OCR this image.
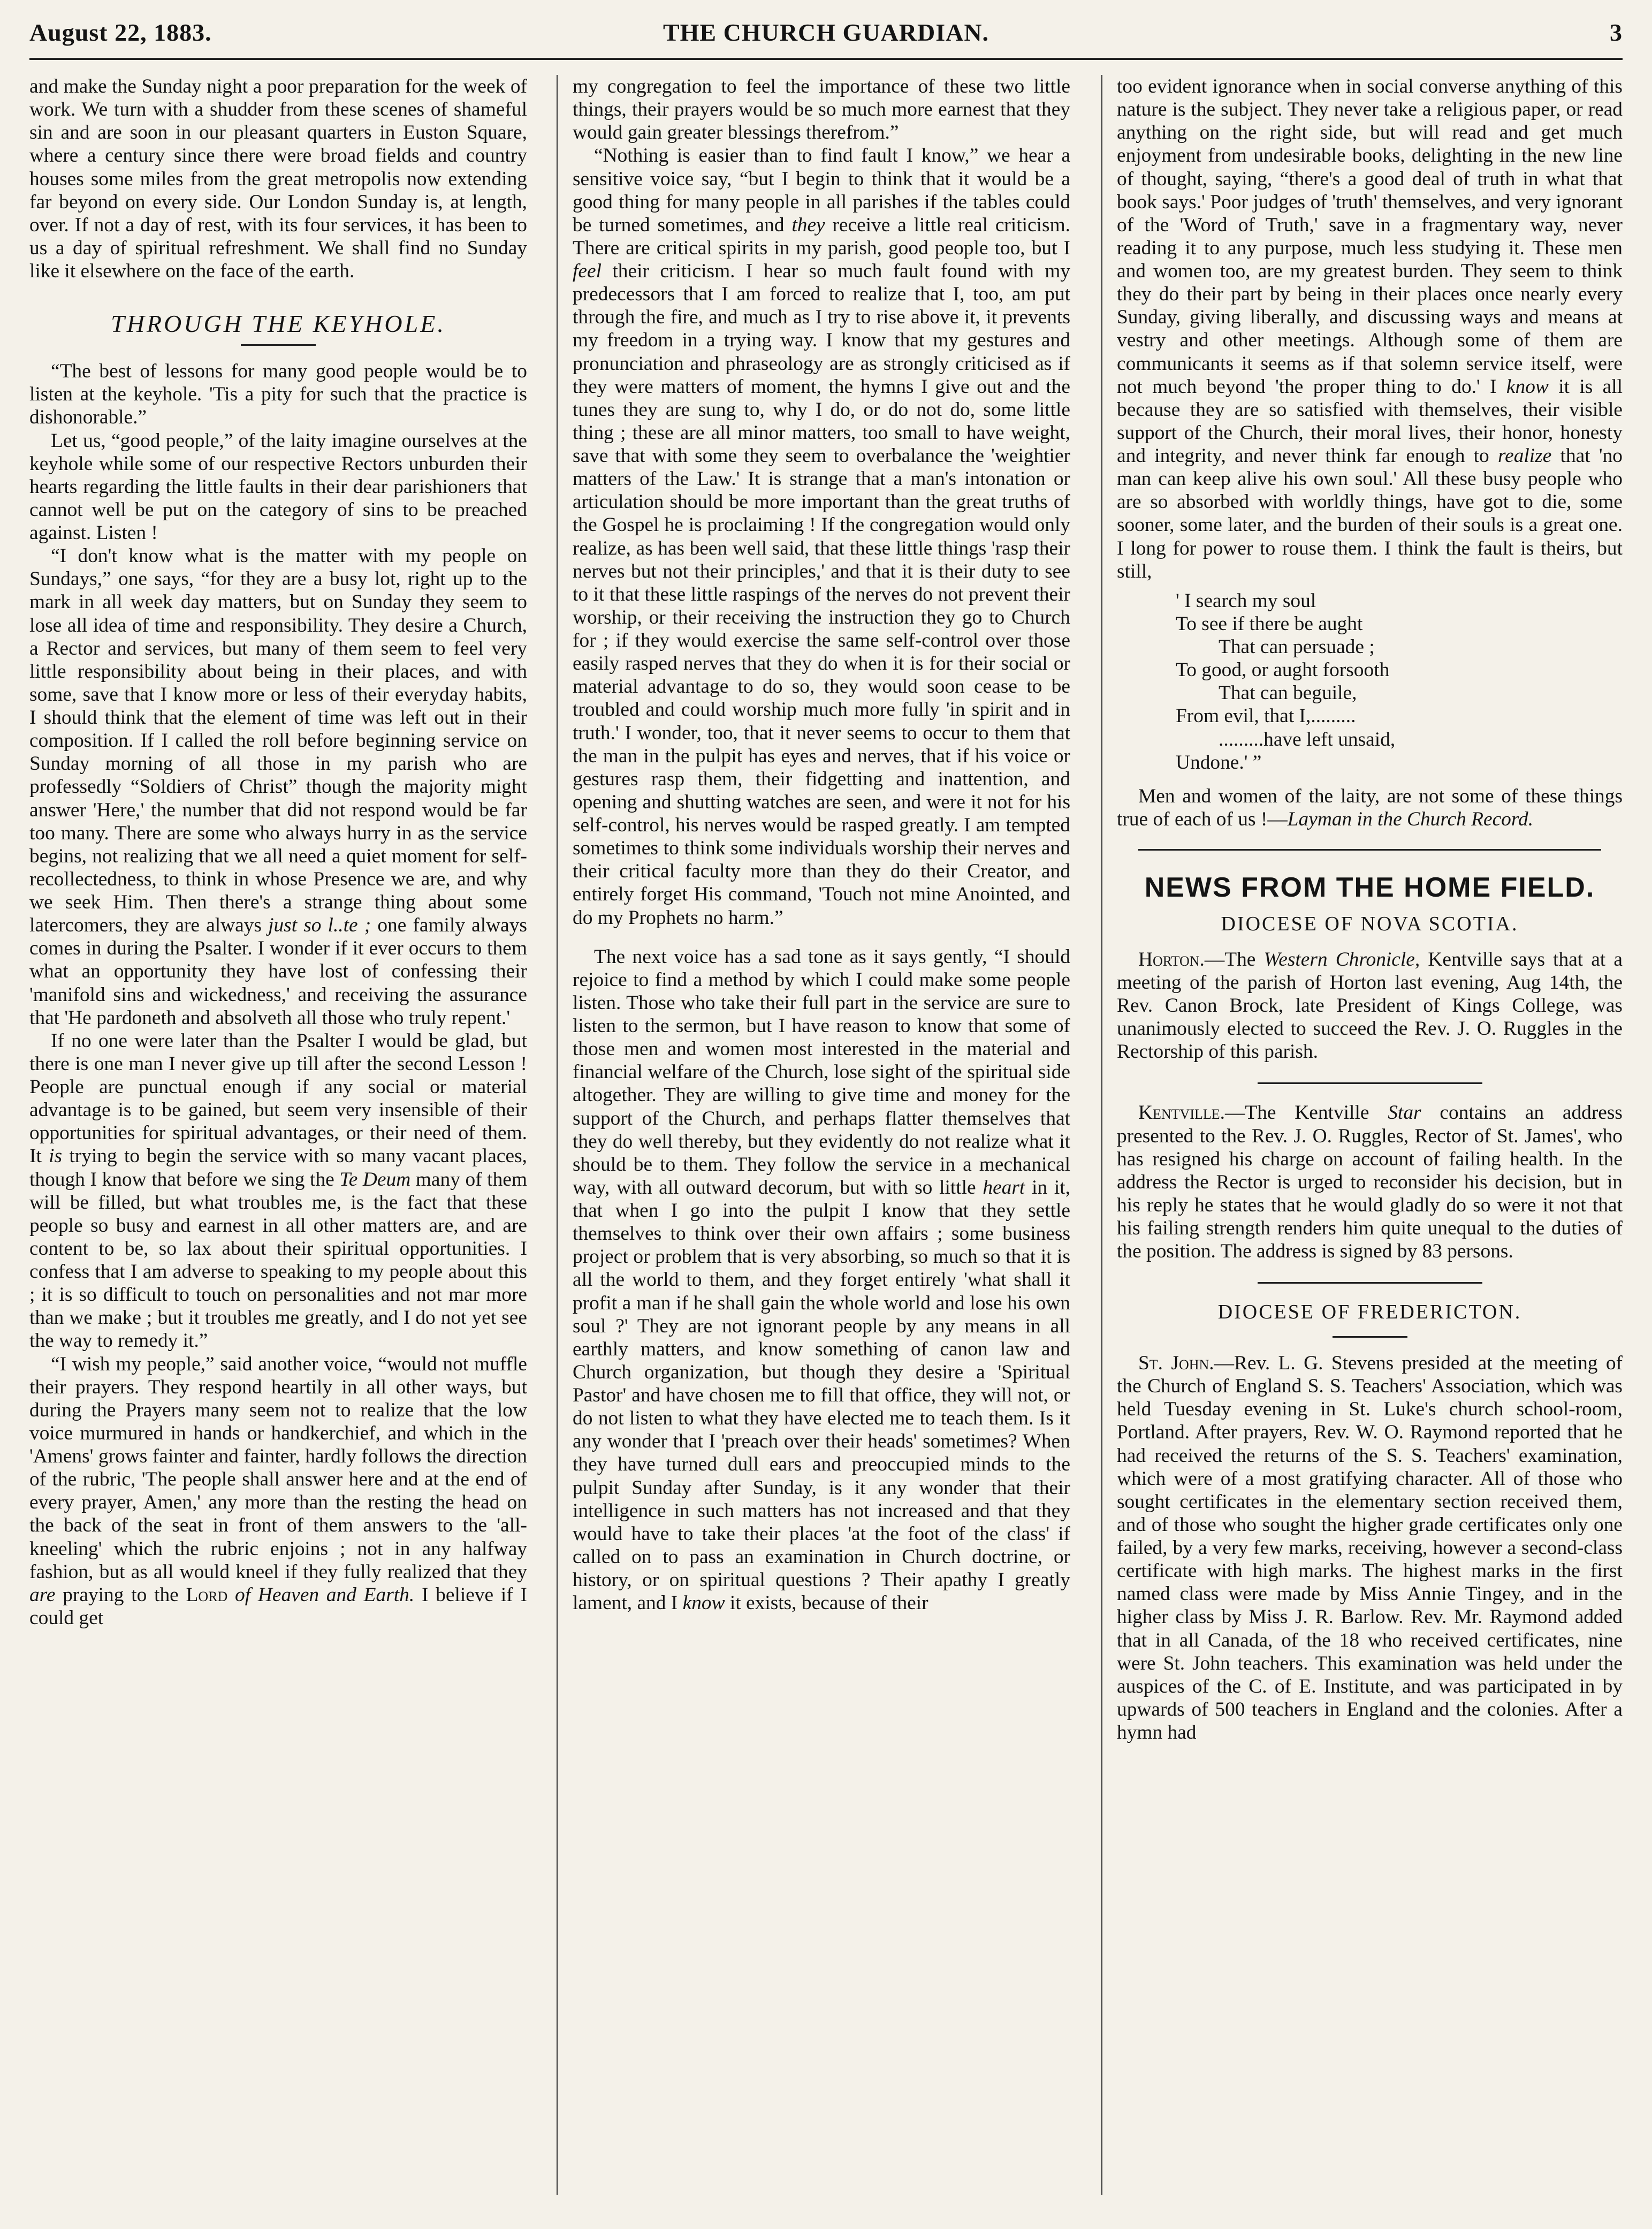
August 22, 1883.	THE CHURCH GUARDIAN.	3

and make the Sunday night a poor preparation for the week of work. We turn with a shudder from these scenes of shameful sin and are soon in our pleasant quarters in Euston Square, where a century since there were broad fields and country houses some miles from the great metropolis now extending far beyond on every side. Our London Sunday is, at length, over. If not a day of rest, with its four services, it has been to us a day of spiritual refreshment. We shall find no Sunday like it elsewhere on the face of the earth.

THROUGH THE KEYHOLE.

“The best of lessons for many good people would be to listen at the keyhole. 'Tis a pity for such that the practice is dishonorable.”

Let us, “good people,” of the laity imagine ourselves at the keyhole while some of our respective Rectors unburden their hearts regarding the little faults in their dear parishioners that cannot well be put on the category of sins to be preached against. Listen !

“I don't know what is the matter with my people on Sundays,” one says, “for they are a busy lot, right up to the mark in all week day matters, but on Sunday they seem to lose all idea of time and responsibility. They desire a Church, a Rector and services, but many of them seem to feel very little responsibility about being in their places, and with some, save that I know more or less of their everyday habits, I should think that the element of time was left out in their composition. If I called the roll before beginning service on Sunday morning of all those in my parish who are professedly “Soldiers of Christ” though the majority might answer 'Here,' the number that did not respond would be far too many. There are some who always hurry in as the service begins, not realizing that we all need a quiet moment for self-recollectedness, to think in whose Presence we are, and why we seek Him. Then there's a strange thing about some latercomers, they are always just so l..te ; one family always comes in during the Psalter. I wonder if it ever occurs to them what an opportunity they have lost of confessing their 'manifold sins and wickedness,' and receiving the assurance that 'He pardoneth and absolveth all those who truly repent.'

If no one were later than the Psalter I would be glad, but there is one man I never give up till after the second Lesson ! People are punctual enough if any social or material advantage is to be gained, but seem very insensible of their opportunities for spiritual advantages, or their need of them. It is trying to begin the service with so many vacant places, though I know that before we sing the Te Deum many of them will be filled, but what troubles me, is the fact that these people so busy and earnest in all other matters are, and are content to be, so lax about their spiritual opportunities. I confess that I am adverse to speaking to my people about this ; it is so difficult to touch on personalities and not mar more than we make ; but it troubles me greatly, and I do not yet see the way to remedy it.”

“I wish my people,” said another voice, “would not muffle their prayers. They respond heartily in all other ways, but during the Prayers many seem not to realize that the low voice murmured in hands or handkerchief, and which in the 'Amens' grows fainter and fainter, hardly follows the direction of the rubric, 'The people shall answer here and at the end of every prayer, Amen,' any more than the resting the head on the back of the seat in front of them answers to the 'all-kneeling' which the rubric enjoins ; not in any halfway fashion, but as all would kneel if they fully realized that they are praying to the Lord of Heaven and Earth. I believe if I could get

my congregation to feel the importance of these two little things, their prayers would be so much more earnest that they would gain greater blessings therefrom.”

“Nothing is easier than to find fault I know,” we hear a sensitive voice say, “but I begin to think that it would be a good thing for many people in all parishes if the tables could be turned sometimes, and they receive a little real criticism. There are critical spirits in my parish, good people too, but I feel their criticism. I hear so much fault found with my predecessors that I am forced to realize that I, too, am put through the fire, and much as I try to rise above it, it prevents my freedom in a trying way. I know that my gestures and pronunciation and phraseology are as strongly criticised as if they were matters of moment, the hymns I give out and the tunes they are sung to, why I do, or do not do, some little thing ; these are all minor matters, too small to have weight, save that with some they seem to overbalance the 'weightier matters of the Law.' It is strange that a man's intonation or articulation should be more important than the great truths of the Gospel he is proclaiming ! If the congregation would only realize, as has been well said, that these little things 'rasp their nerves but not their principles,' and that it is their duty to see to it that these little raspings of the nerves do not prevent their worship, or their receiving the instruction they go to Church for ; if they would exercise the same self-control over those easily rasped nerves that they do when it is for their social or material advantage to do so, they would soon cease to be troubled and could worship much more fully 'in spirit and in truth.' I wonder, too, that it never seems to occur to them that the man in the pulpit has eyes and nerves, that if his voice or gestures rasp them, their fidgetting and inattention, and opening and shutting watches are seen, and were it not for his self-control, his nerves would be rasped greatly. I am tempted sometimes to think some individuals worship their nerves and their critical faculty more than they do their Creator, and entirely forget His command, 'Touch not mine Anointed, and do my Prophets no harm.”

The next voice has a sad tone as it says gently, “I should rejoice to find a method by which I could make some people listen. Those who take their full part in the service are sure to listen to the sermon, but I have reason to know that some of those men and women most interested in the material and financial welfare of the Church, lose sight of the spiritual side altogether. They are willing to give time and money for the support of the Church, and perhaps flatter themselves that they do well thereby, but they evidently do not realize what it should be to them. They follow the service in a mechanical way, with all outward decorum, but with so little heart in it, that when I go into the pulpit I know that they settle themselves to think over their own affairs ; some business project or problem that is very absorbing, so much so that it is all the world to them, and they forget entirely 'what shall it profit a man if he shall gain the whole world and lose his own soul ?' They are not ignorant people by any means in all earthly matters, and know something of canon law and Church organization, but though they desire a 'Spiritual Pastor' and have chosen me to fill that office, they will not, or do not listen to what they have elected me to teach them. Is it any wonder that I 'preach over their heads' sometimes? When they have turned dull ears and preoccupied minds to the pulpit Sunday after Sunday, is it any wonder that their intelligence in such matters has not increased and that they would have to take their places 'at the foot of the class' if called on to pass an examination in Church doctrine, or history, or on spiritual questions ? Their apathy I greatly lament, and I know it exists, because of their

too evident ignorance when in social converse anything of this nature is the subject. They never take a religious paper, or read anything on the right side, but will read and get much enjoyment from undesirable books, delighting in the new line of thought, saying, “there's a good deal of truth in what that book says.' Poor judges of 'truth' themselves, and very ignorant of the 'Word of Truth,' save in a fragmentary way, never reading it to any purpose, much less studying it. These men and women too, are my greatest burden. They seem to think they do their part by being in their places once nearly every Sunday, giving liberally, and discussing ways and means at vestry and other meetings. Although some of them are communicants it seems as if that solemn service itself, were not much beyond 'the proper thing to do.' I know it is all because they are so satisfied with themselves, their visible support of the Church, their moral lives, their honor, honesty and integrity, and never think far enough to realize that 'no man can keep alive his own soul.' All these busy people who are so absorbed with worldly things, have got to die, some sooner, some later, and the burden of their souls is a great one. I long for power to rouse them. I think the fault is theirs, but still,

' I search my soul
To see if there be aught
That can persuade ;
To good, or aught forsooth
That can beguile,
From evil, that I,.........
.........have left unsaid,
Undone.' ”

Men and women of the laity, are not some of these things true of each of us !—Layman in the Church Record.

NEWS FROM THE HOME FIELD.
DIOCESE OF NOVA SCOTIA.

Horton.—The Western Chronicle, Kentville says that at a meeting of the parish of Horton last evening, Aug 14th, the Rev. Canon Brock, late President of Kings College, was unanimously elected to succeed the Rev. J. O. Ruggles in the Rectorship of this parish.

Kentville.—The Kentville Star contains an address presented to the Rev. J. O. Ruggles, Rector of St. James', who has resigned his charge on account of failing health. In the address the Rector is urged to reconsider his decision, but in his reply he states that he would gladly do so were it not that his failing strength renders him quite unequal to the duties of the position. The address is signed by 83 persons.

DIOCESE OF FREDERICTON.

St. John.—Rev. L. G. Stevens presided at the meeting of the Church of England S. S. Teachers' Association, which was held Tuesday evening in St. Luke's church school-room, Portland. After prayers, Rev. W. O. Raymond reported that he had received the returns of the S. S. Teachers' examination, which were of a most gratifying character. All of those who sought certificates in the elementary section received them, and of those who sought the higher grade certificates only one failed, by a very few marks, receiving, however a second-class certificate with high marks. The highest marks in the first named class were made by Miss Annie Tingey, and in the higher class by Miss J. R. Barlow. Rev. Mr. Raymond added that in all Canada, of the 18 who received certificates, nine were St. John teachers. This examination was held under the auspices of the C. of E. Institute, and was participated in by upwards of 500 teachers in England and the colonies. After a hymn had
